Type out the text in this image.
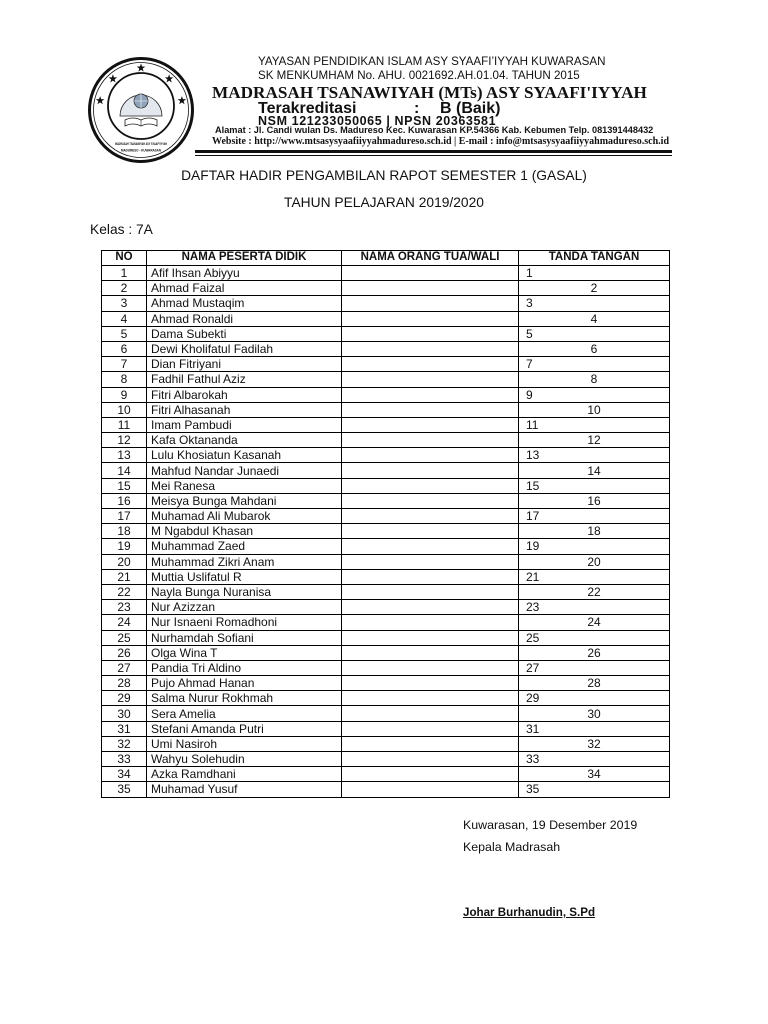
MADRASAH TSANAWIYAH ASY SYAAFI'IYYAH
MADURESO - KUWARASAN
YAYASAN PENDIDIKAN ISLAM ASY SYAAFI’IYYAH KUWARASAN
SK MENKUMHAM No. AHU. 0021692.AH.01.04. TAHUN 2015
MADRASAH TSANAWIYAH (MTs) ASY SYAAFI'IYYAH
Terakreditasi	: B (Baik)
NSM 121233050065 | NPSN 20363581
Alamat : Jl. Candi wulan Ds. Madureso Kec. Kuwarasan KP.54366 Kab. Kebumen Telp. 081391448432
Website : http://www.mtsasysyaafiiyyahmadureso.sch.id | E-mail : info@mtsasysyaafiiyyahmadureso.sch.id
DAFTAR HADIR PENGAMBILAN RAPOT SEMESTER 1 (GASAL)
TAHUN PELAJARAN 2019/2020
Kelas : 7A
NO	NAMA PESERTA DIDIK	NAMA ORANG TUA/WALI	TANDA TANGAN
1	Afif Ihsan Abiyyu		1
2	Ahmad Faizal		2
3	Ahmad Mustaqim		3
4	Ahmad Ronaldi		4
5	Dama Subekti		5
6	Dewi Kholifatul Fadilah		6
7	Dian Fitriyani		7
8	Fadhil Fathul Aziz		8
9	Fitri Albarokah		9
10	Fitri Alhasanah		10
11	Imam Pambudi		11
12	Kafa Oktananda		12
13	Lulu Khosiatun Kasanah		13
14	Mahfud Nandar Junaedi		14
15	Mei Ranesa		15
16	Meisya Bunga Mahdani		16
17	Muhamad Ali Mubarok		17
18	M Ngabdul Khasan		18
19	Muhammad Zaed		19
20	Muhammad Zikri Anam		20
21	Muttia Uslifatul R		21
22	Nayla Bunga Nuranisa		22
23	Nur Azizzan		23
24	Nur Isnaeni Romadhoni		24
25	Nurhamdah Sofiani		25
26	Olga Wina T		26
27	Pandia Tri Aldino		27
28	Pujo Ahmad Hanan		28
29	Salma Nurur Rokhmah		29
30	Sera Amelia		30
31	Stefani Amanda Putri		31
32	Umi Nasiroh		32
33	Wahyu Solehudin		33
34	Azka Ramdhani		34
35	Muhamad Yusuf		35
Kuwarasan, 19 Desember 2019
Kepala Madrasah
Johar Burhanudin, S.Pd
